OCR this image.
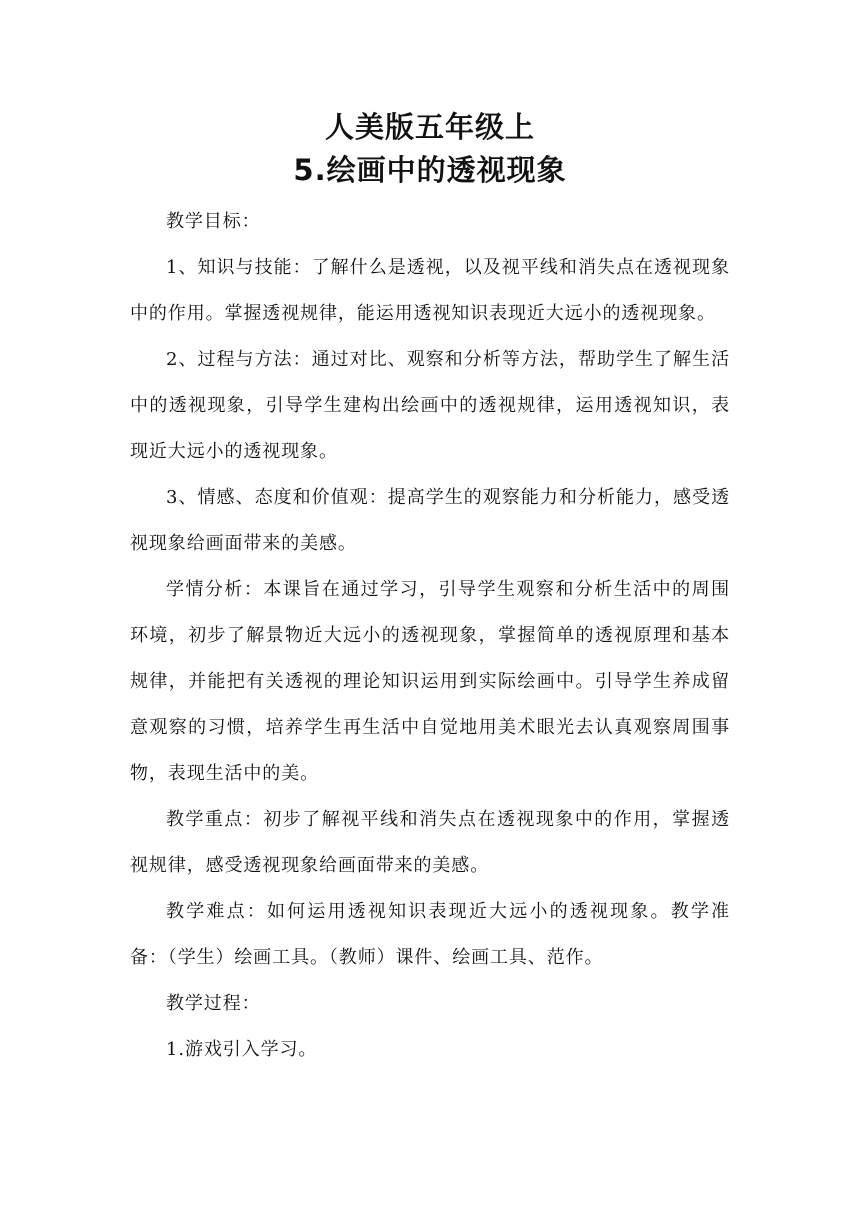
人美版五年级上
5.绘画中的透视现象

教学目标：

1、知识与技能：了解什么是透视，以及视平线和消失点在透视现象中的作用。掌握透视规律，能运用透视知识表现近大远小的透视现象。

2、过程与方法：通过对比、观察和分析等方法，帮助学生了解生活中的透视现象，引导学生建构出绘画中的透视规律，运用透视知识，表现近大远小的透视现象。

3、情感、态度和价值观：提高学生的观察能力和分析能力，感受透视现象给画面带来的美感。

学情分析：本课旨在通过学习，引导学生观察和分析生活中的周围环境，初步了解景物近大远小的透视现象，掌握简单的透视原理和基本规律，并能把有关透视的理论知识运用到实际绘画中。引导学生养成留意观察的习惯，培养学生再生活中自觉地用美术眼光去认真观察周围事物，表现生活中的美。

教学重点：初步了解视平线和消失点在透视现象中的作用，掌握透视规律，感受透视现象给画面带来的美感。

教学难点：如何运用透视知识表现近大远小的透视现象。教学准备：（学生）绘画工具。（教师）课件、绘画工具、范作。

教学过程：

1.游戏引入学习。
